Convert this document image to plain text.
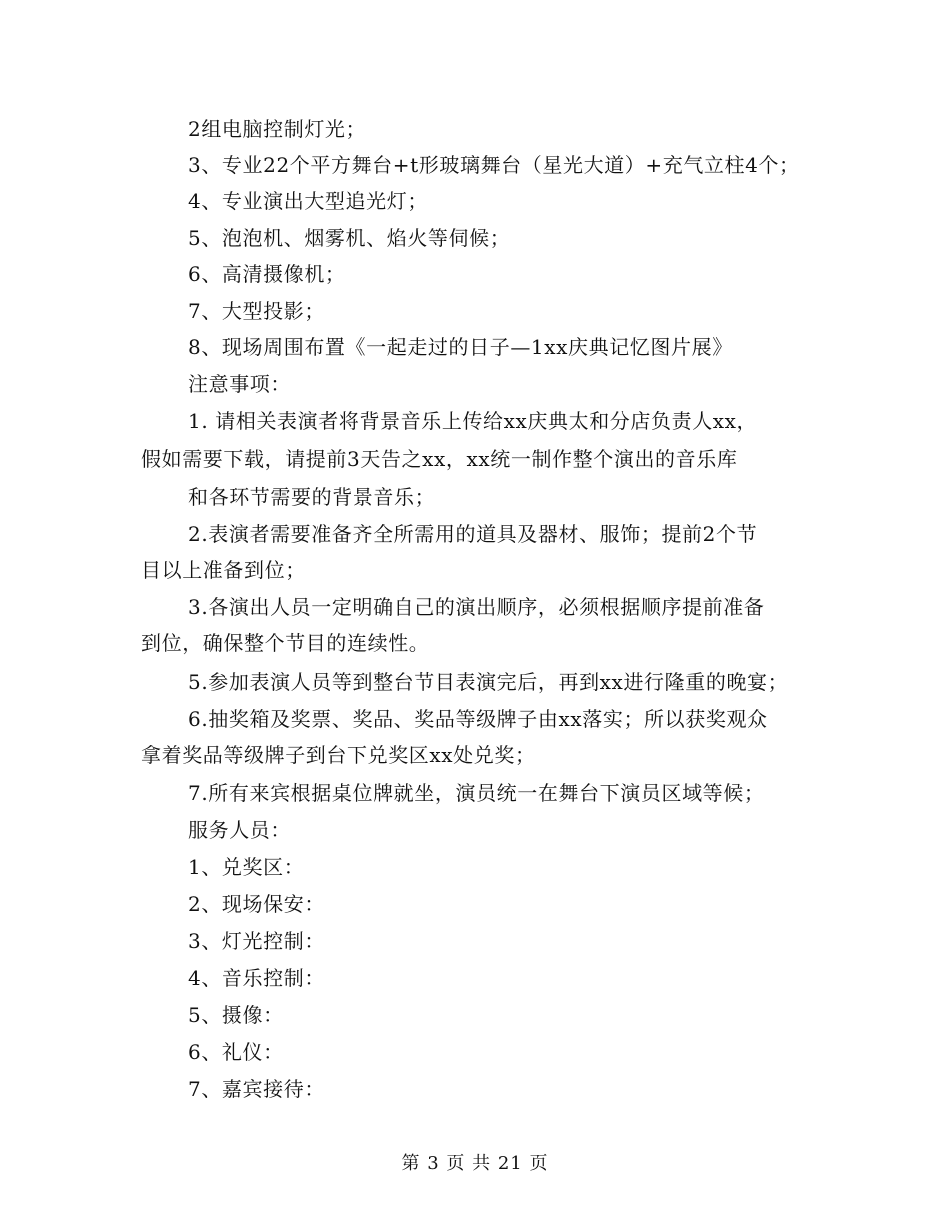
2组电脑控制灯光；
3、专业22个平方舞台+t形玻璃舞台（星光大道）+充气立柱4个；
4、专业演出大型追光灯；
5、泡泡机、烟雾机、焰火等伺候；
6、高清摄像机；
7、大型投影；
8、现场周围布置《一起走过的日子—1xx庆典记忆图片展》
注意事项：
1. 请相关表演者将背景音乐上传给xx庆典太和分店负责人xx，
假如需要下载，请提前3天告之xx，xx统一制作整个演出的音乐库
和各环节需要的背景音乐；
2.表演者需要准备齐全所需用的道具及器材、服饰；提前2个节
目以上准备到位；
3.各演出人员一定明确自己的演出顺序，必须根据顺序提前准备
到位，确保整个节目的连续性。
5.参加表演人员等到整台节目表演完后，再到xx进行隆重的晚宴；
6.抽奖箱及奖票、奖品、奖品等级牌子由xx落实；所以获奖观众
拿着奖品等级牌子到台下兑奖区xx处兑奖；
7.所有来宾根据桌位牌就坐，演员统一在舞台下演员区域等候；
服务人员：
1、兑奖区：
2、现场保安：
3、灯光控制：
4、音乐控制：
5、摄像：
6、礼仪：
7、嘉宾接待：
第 3 页 共 21 页
